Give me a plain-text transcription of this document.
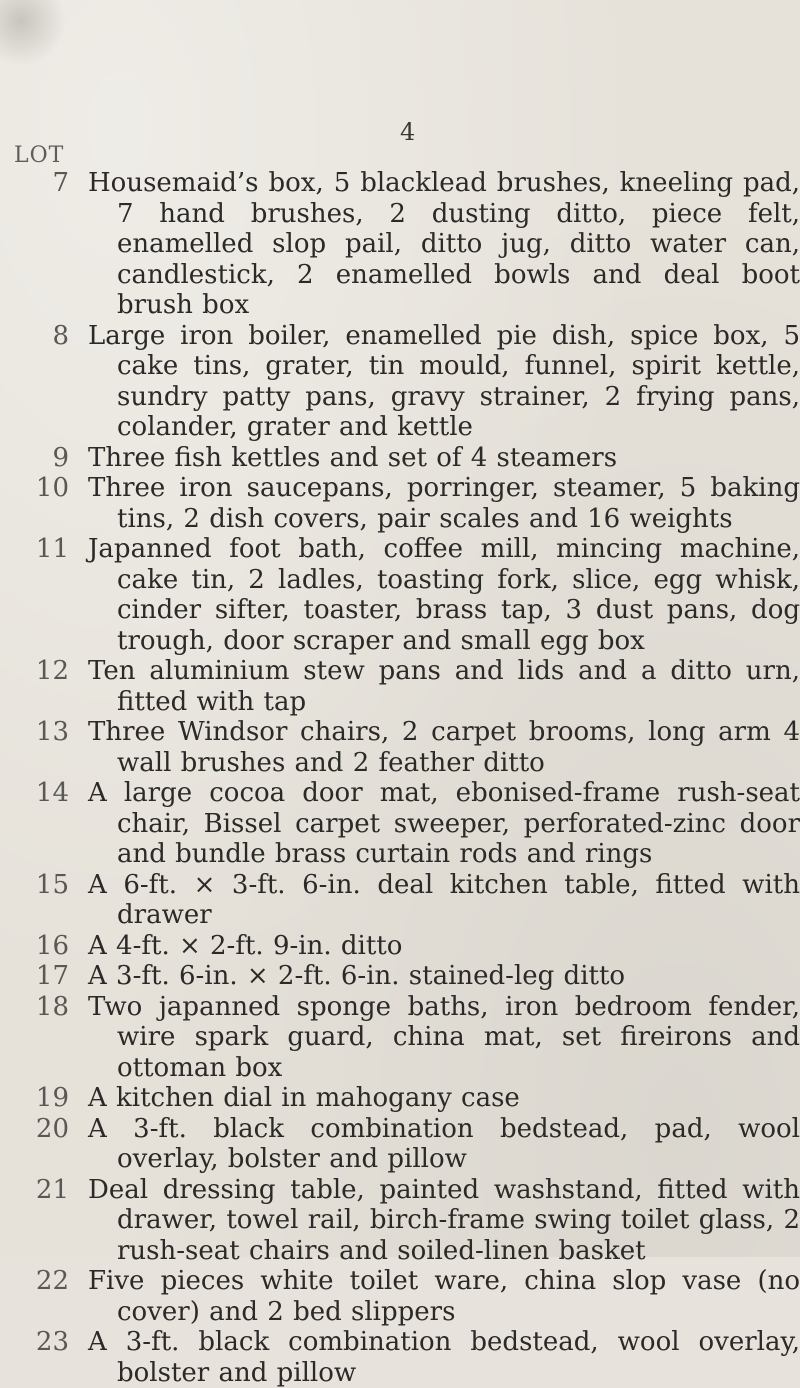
4
LOT
7 Housemaid’s box, 5 blacklead brushes, kneeling pad, 7 hand brushes, 2 dusting ditto, piece felt, enamelled slop pail, ditto jug, ditto water can, candlestick, 2 enamelled bowls and deal boot brush box
8 Large iron boiler, enamelled pie dish, spice box, 5 cake tins, grater, tin mould, funnel, spirit kettle, sundry patty pans, gravy strainer, 2 frying pans, colander, grater and kettle
9 Three fish kettles and set of 4 steamers
10 Three iron saucepans, porringer, steamer, 5 baking tins, 2 dish covers, pair scales and 16 weights
11 Japanned foot bath, coffee mill, mincing machine, cake tin, 2 ladles, toasting fork, slice, egg whisk, cinder sifter, toaster, brass tap, 3 dust pans, dog trough, door scraper and small egg box
12 Ten aluminium stew pans and lids and a ditto urn, fitted with tap
13 Three Windsor chairs, 2 carpet brooms, long arm 4 wall brushes and 2 feather ditto
14 A large cocoa door mat, ebonised-frame rush-seat chair, Bissel carpet sweeper, perforated-zinc door and bundle brass curtain rods and rings
15 A 6-ft. × 3-ft. 6-in. deal kitchen table, fitted with drawer
16 A 4-ft. × 2-ft. 9-in. ditto
17 A 3-ft. 6-in. × 2-ft. 6-in. stained-leg ditto
18 Two japanned sponge baths, iron bedroom fender, wire spark guard, china mat, set fireirons and ottoman box
19 A kitchen dial in mahogany case
20 A 3-ft. black combination bedstead, pad, wool overlay, bolster and pillow
21 Deal dressing table, painted washstand, fitted with drawer, towel rail, birch-frame swing toilet glass, 2 rush-seat chairs and soiled-linen basket
22 Five pieces white toilet ware, china slop vase (no cover) and 2 bed slippers
23 A 3-ft. black combination bedstead, wool overlay, bolster and pillow
